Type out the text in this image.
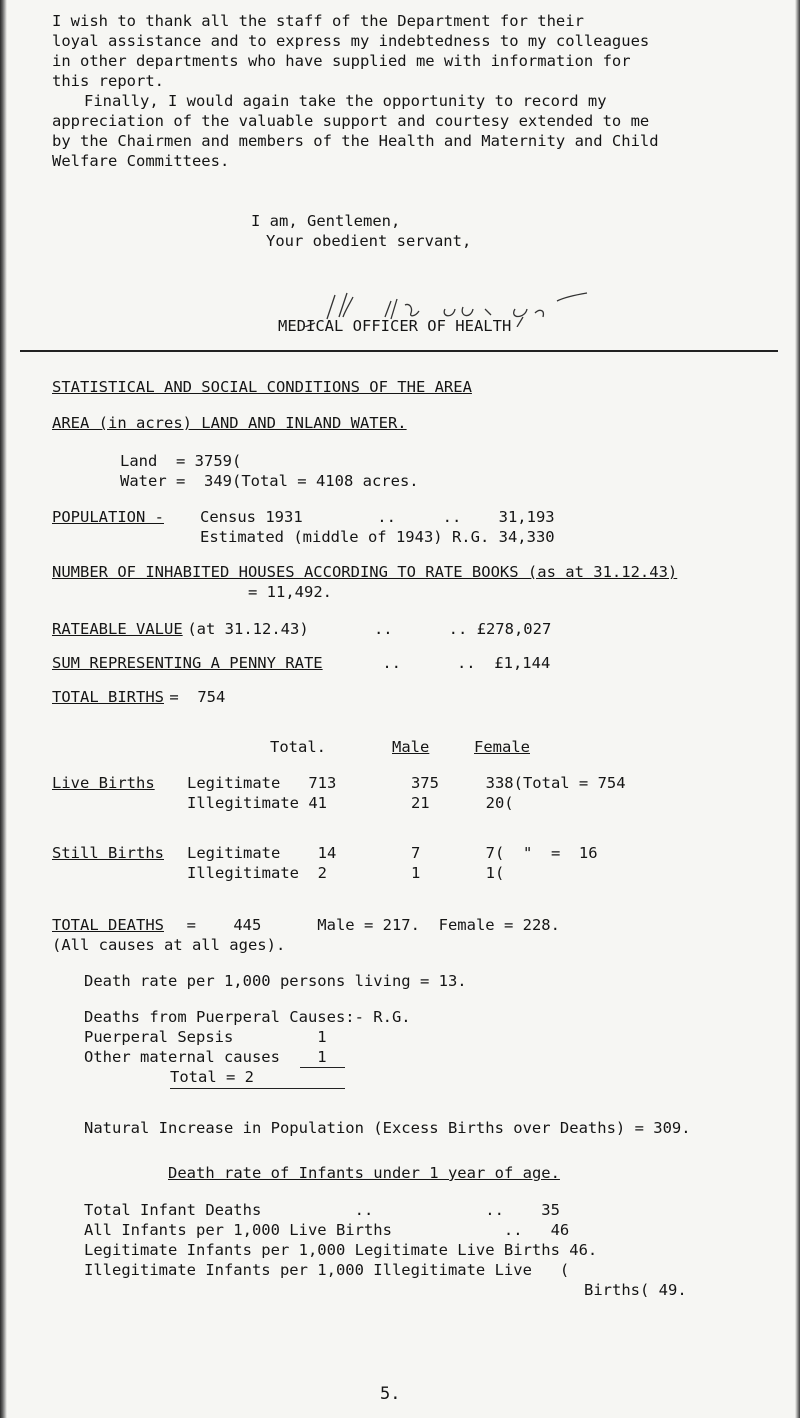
I wish to thank all the staff of the Department for their
loyal assistance and to express my indebtedness to my colleagues
in other departments who have supplied me with information for
this report.
Finally, I would again take the opportunity to record my
appreciation of the valuable support and courtesy extended to me
by the Chairmen and members of the Health and Maternity and Child
Welfare Committees.
I am, Gentlemen,
Your obedient servant,
MEDICAL OFFICER OF HEALTH
STATISTICAL AND SOCIAL CONDITIONS OF THE AREA
AREA (in acres) LAND AND INLAND WATER.
Land  = 3759(
Water =  349(Total = 4108 acres.
POPULATION - Census 1931        ..     ..    31,193
Estimated (middle of 1943) R.G. 34,330
NUMBER OF INHABITED HOUSES ACCORDING TO RATE BOOKS (as at 31.12.43)
= 11,492.
RATEABLE VALUE
(at 31.12.43)       ..      .. £278,027
SUM REPRESENTING A PENNY RATE
..      ..  £1,144
TOTAL BIRTHS
=  754
Total.	Male	Female
Live Births Legitimate   713        375     338(Total = 754
Illegitimate 41         21      20(
Still Births Legitimate    14        7       7(  "  =  16
Illegitimate  2         1       1(
TOTAL DEATHS =    445      Male = 217.  Female = 228.
(All causes at all ages).
Death rate per 1,000 persons living = 13.
Deaths from Puerperal Causes:- R.G.
Puerperal Sepsis         1
Other maternal causes    1
Total = 2
Natural Increase in Population (Excess Births over Deaths) = 309.
Death rate of Infants under 1 year of age.
Total Infant Deaths          ..            ..    35
All Infants per 1,000 Live Births            ..   46
Legitimate Infants per 1,000 Legitimate Live Births 46.
Illegitimate Infants per 1,000 Illegitimate Live   (
Births( 49.
5.
